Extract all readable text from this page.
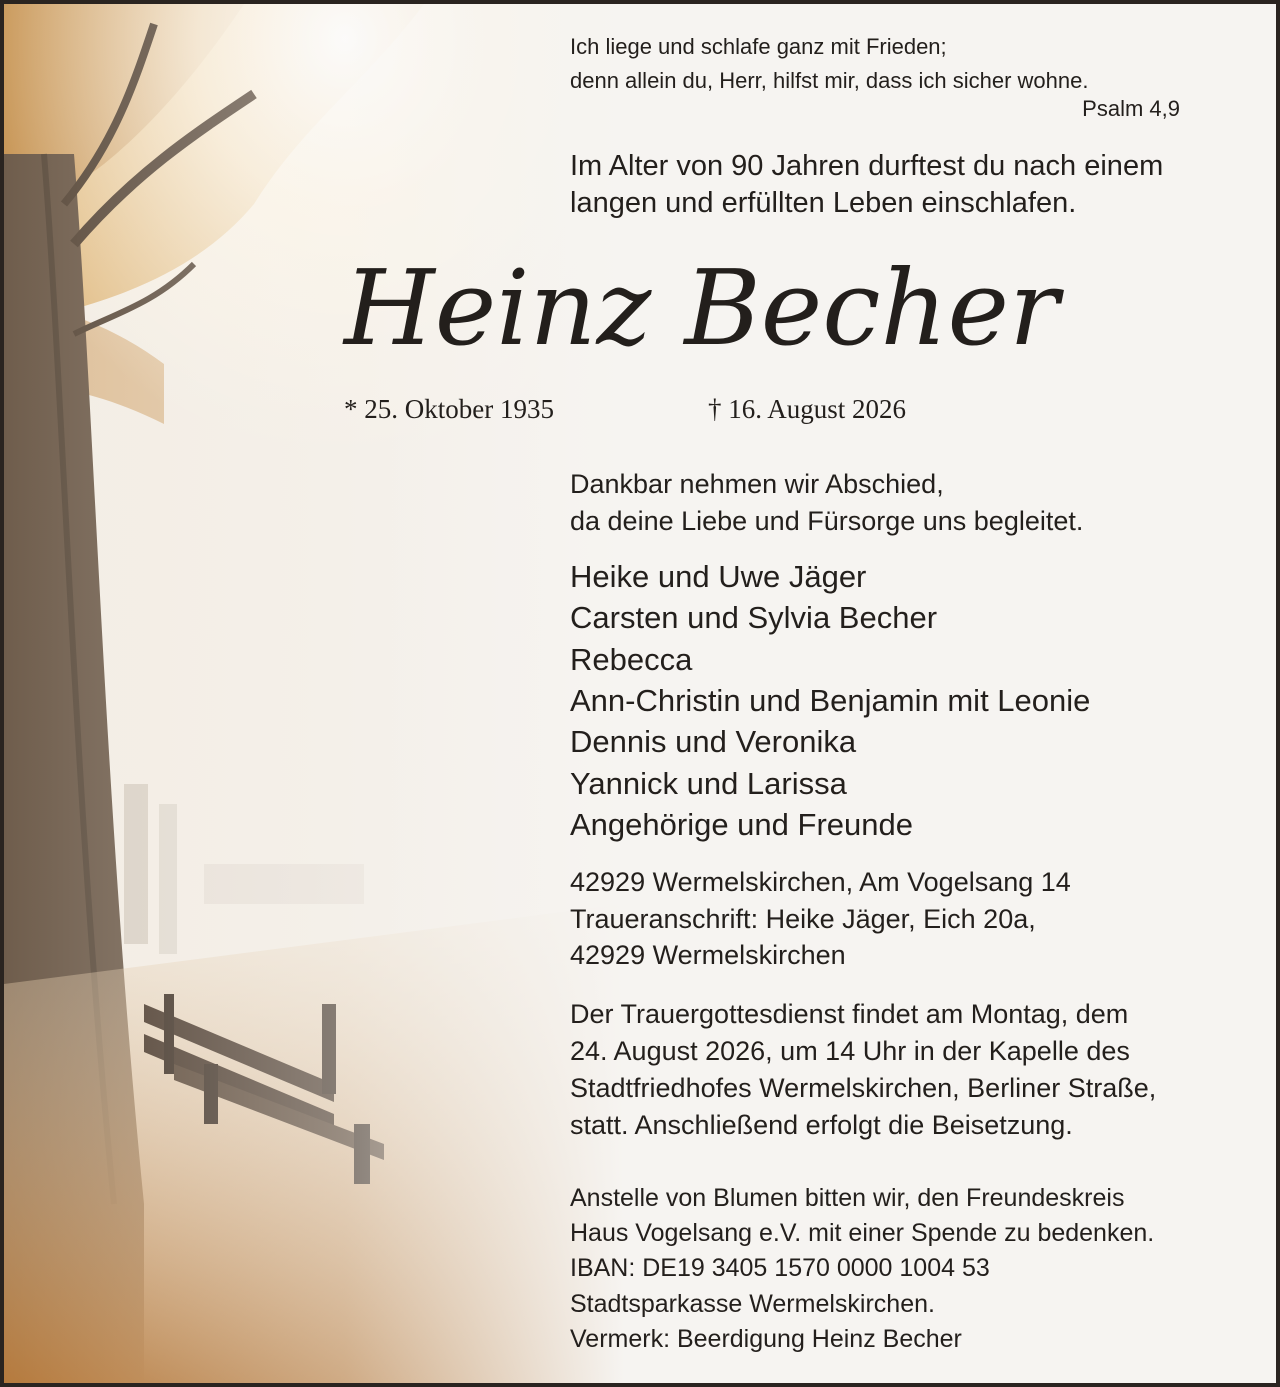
Ich liege und schlafe ganz mit Frieden;
denn allein du, Herr, hilfst mir, dass ich sicher wohne.
Psalm 4,9
Im Alter von 90 Jahren durftest du nach einem
langen und erfüllten Leben einschlafen.
Heinz Becher
* 25. Oktober 1935	† 16. August 2026
Dankbar nehmen wir Abschied,
da deine Liebe und Fürsorge uns begleitet.
Heike und Uwe Jäger
Carsten und Sylvia Becher
Rebecca
Ann-Christin und Benjamin mit Leonie
Dennis und Veronika
Yannick und Larissa
Angehörige und Freunde
42929 Wermelskirchen, Am Vogelsang 14
Traueranschrift: Heike Jäger, Eich 20a,
42929 Wermelskirchen
Der Trauergottesdienst findet am Montag, dem
24. August 2026, um 14 Uhr in der Kapelle des
Stadtfriedhofes Wermelskirchen, Berliner Straße,
statt. Anschließend erfolgt die Beisetzung.
Anstelle von Blumen bitten wir, den Freundeskreis
Haus Vogelsang e.V. mit einer Spende zu bedenken.
IBAN: DE19 3405 1570 0000 1004 53
Stadtsparkasse Wermelskirchen.
Vermerk: Beerdigung Heinz Becher
